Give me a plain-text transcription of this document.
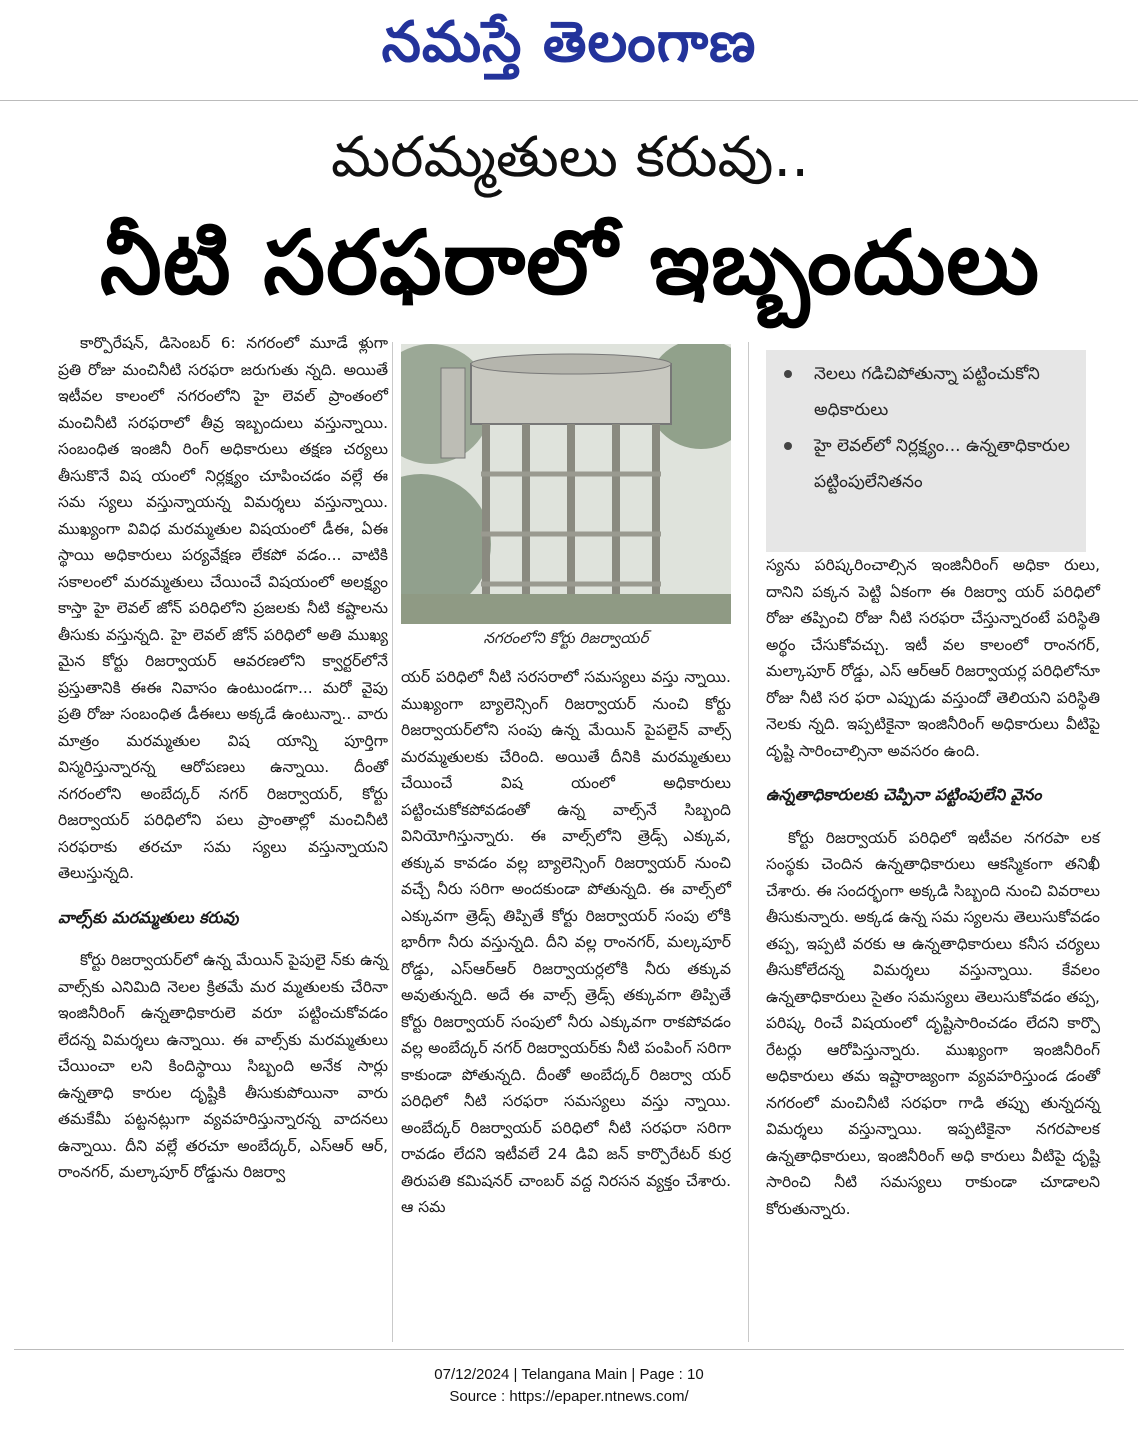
నమస్తే తెలంగాణ
మరమ్మతులు కరువు..
నీటి సరఫరాలో ఇబ్బందులు

కార్పొరేషన్, డిసెంబర్ 6: నగరంలో మూడే ళ్లుగా ప్రతి రోజు మంచినీటి సరఫరా జరుగుతు న్నది. అయితే ఇటీవల కాలంలో నగరంలోని హై లెవల్ ప్రాంతంలో మంచినీటి సరఫరాలో తీవ్ర ఇబ్బందులు వస్తున్నాయి. సంబంధిత ఇంజినీ రింగ్ అధికారులు తక్షణ చర్యలు తీసుకొనే విష యంలో నిర్లక్ష్యం చూపించడం వల్లే ఈ సమ స్యలు వస్తున్నాయన్న విమర్శలు వస్తున్నాయి. ముఖ్యంగా వివిధ మరమ్మతుల విషయంలో డీఈ, ఏఈ స్థాయి అధికారులు పర్యవేక్షణ లేకపో వడం... వాటికి సకాలంలో మరమ్మతులు చేయించే విషయంలో అలక్ష్యం కాస్తా హై లెవల్ జోన్ పరిధిలోని ప్రజలకు నీటి కష్టాలను తీసుకు వస్తున్నది. హై లెవల్ జోన్ పరిధిలో అతి ముఖ్య మైన కోర్టు రిజర్వాయర్ ఆవరణలోని క్వార్టర్‌లోనే ప్రస్తుతానికి ఈఈ నివాసం ఉంటుండగా... మరో వైపు ప్రతి రోజు సంబంధిత డీఈలు అక్కడే ఉంటున్నా.. వారు మాత్రం మరమ్మతుల విష యాన్ని పూర్తిగా విస్మరిస్తున్నారన్న ఆరోపణలు ఉన్నాయి. దీంతో నగరంలోని అంబేద్కర్ నగర్ రిజర్వాయర్, కోర్టు రిజర్వాయర్ పరిధిలోని పలు ప్రాంతాల్లో మంచినీటి సరఫరాకు తరచూ సమ స్యలు వస్తున్నాయని తెలుస్తున్నది.

వాల్స్‌కు మరమ్మతులు కరువు

కోర్టు రిజర్వాయర్‌లో ఉన్న మేయిన్ పైపులై న్‌కు ఉన్న వాల్స్‌కు ఎనిమిది నెలల క్రితమే మర మ్మతులకు చేరినా ఇంజినీరింగ్ ఉన్నతాధికారులె వరూ పట్టించుకోవడం లేదన్న విమర్శలు ఉన్నాయి. ఈ వాల్స్‌కు మరమ్మతులు చేయించా లని కిందిస్థాయి సిబ్బంది అనేక సార్లు ఉన్నతాధి కారుల దృష్టికి తీసుకుపోయినా వారు తమకేమీ పట్టనట్లుగా వ్యవహరిస్తున్నారన్న వాదనలు ఉన్నాయి. దీని వల్లే తరచూ అంబేద్కర్, ఎస్‌ఆర్ ఆర్, రాంనగర్, మల్కాపూర్ రోడ్డును రిజర్వా

నగరంలోని కోర్టు రిజర్వాయర్

యర్ పరిధిలో నీటి సరసరాలో సమస్యలు వస్తు న్నాయి. ముఖ్యంగా బ్యాలెన్సింగ్ రిజర్వాయర్ నుంచి కోర్టు రిజర్వాయర్‌లోని సంపు ఉన్న మేయిన్ పైపలైన్ వాల్స్ మరమ్మతులకు చేరింది. అయితే దీనికి మరమ్మతులు చేయించే విష యంలో అధికారులు పట్టించుకోకపోవడంతో ఉన్న వాల్స్‌నే సిబ్బంది వినియోగిస్తున్నారు. ఈ వాల్స్‌లోని త్రెడ్స్ ఎక్కువ, తక్కువ కావడం వల్ల బ్యాలెన్సింగ్ రిజర్వాయర్ నుంచి వచ్చే నీరు సరిగా అందకుండా పోతున్నది. ఈ వాల్స్‌లో ఎక్కువగా త్రెడ్స్ తిప్పితే కోర్టు రిజర్వాయర్ సంపు లోకి భారీగా నీరు వస్తున్నది. దీని వల్ల రాంనగర్, మల్కపూర్ రోడ్డు, ఎస్‌ఆర్‌ఆర్ రిజర్వాయర్లలోకి నీరు తక్కువ అవుతున్నది. అదే ఈ వాల్స్ త్రెడ్స్ తక్కువగా తిప్పితే కోర్టు రిజర్వాయర్ సంపులో నీరు ఎక్కువగా రాకపోవడం వల్ల అంబేద్కర్ నగర్ రిజర్వాయర్‌కు నీటి పంపింగ్ సరిగా కాకుండా పోతున్నది. దీంతో అంబేద్కర్ రిజర్వా యర్ పరిధిలో నీటి సరఫరా సమస్యలు వస్తు న్నాయి. అంబేద్కర్ రిజర్వాయర్ పరిధిలో నీటి సరఫరా సరిగా రావడం లేదని ఇటీవలే 24 డివి జన్ కార్పొరేటర్ కుర్ర తిరుపతి కమిషనర్ చాంబర్ వద్ద నిరసన వ్యక్తం చేశారు. ఆ సమ

నెలలు గడిచిపోతున్నా పట్టించుకోని అధికారులు
హై లెవల్‌లో నిర్లక్ష్యం... ఉన్నతాధికారుల పట్టింపులేనితనం

స్యను పరిష్కరించాల్సిన ఇంజినీరింగ్ అధికా రులు, దానిని పక్కన పెట్టి ఏకంగా ఈ రిజర్వా యర్ పరిధిలో రోజు తప్పించి రోజు నీటి సరఫరా చేస్తున్నారంటే పరిస్థితి అర్థం చేసుకోవచ్చు. ఇటీ వల కాలంలో రాంనగర్, మల్కాపూర్ రోడ్డు, ఎస్ ఆర్‌ఆర్ రిజర్వాయర్ల పరిధిలోనూ రోజు నీటి సర ఫరా ఎప్పుడు వస్తుందో తెలియని పరిస్థితి నెలకు న్నది. ఇప్పటికైనా ఇంజినీరింగ్ అధికారులు వీటిపై దృష్టి సారించాల్సినా అవసరం ఉంది.

ఉన్నతాధికారులకు చెప్పినా పట్టింపులేని వైనం

కోర్టు రిజర్వాయర్ పరిధిలో ఇటీవల నగరపా లక సంస్థకు చెందిన ఉన్నతాధికారులు ఆకస్మికంగా తనిఖీ చేశారు. ఈ సందర్భంగా అక్కడి సిబ్బంది నుంచి వివరాలు తీసుకున్నారు. అక్కడ ఉన్న సమ స్యలను తెలుసుకోవడం తప్ప, ఇప్పటి వరకు ఆ ఉన్నతాధికారులు కనీస చర్యలు తీసుకోలేదన్న విమర్శలు వస్తున్నాయి. కేవలం ఉన్నతాధికారులు సైతం సమస్యలు తెలుసుకోవడం తప్ప, పరిష్క రించే విషయంలో దృష్టిసారించడం లేదని కార్పొ రేటర్లు ఆరోపిస్తున్నారు. ముఖ్యంగా ఇంజినీరింగ్ అధికారులు తమ ఇష్టారాజ్యంగా వ్యవహరిస్తుండ డంతో నగరంలో మంచినీటి సరఫరా గాడి తప్పు తున్నదన్న విమర్శలు వస్తున్నాయి. ఇప్పటికైనా నగరపాలక ఉన్నతాధికారులు, ఇంజినీరింగ్ అధి కారులు వీటిపై దృష్టి సారించి నీటి సమస్యలు రాకుండా చూడాలని కోరుతున్నారు.

07/12/2024 | Telangana Main | Page : 10
Source : https://epaper.ntnews.com/
